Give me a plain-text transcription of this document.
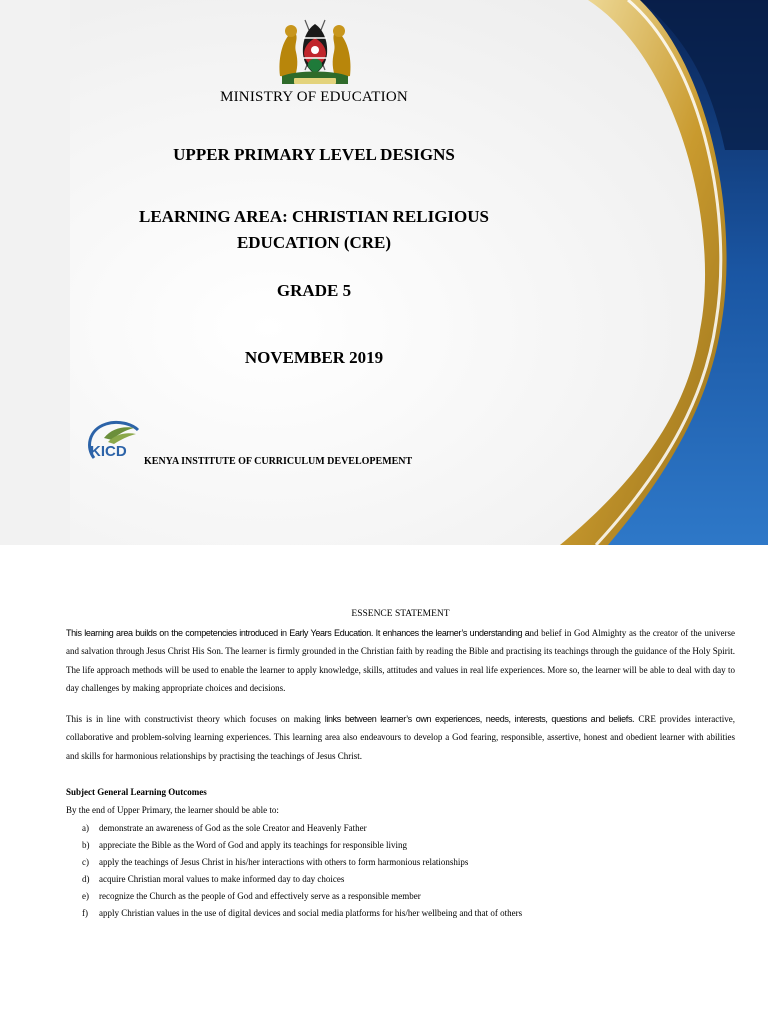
MINISTRY OF EDUCATION

UPPER PRIMARY LEVEL DESIGNS

LEARNING AREA: CHRISTIAN RELIGIOUS

EDUCATION (CRE)

GRADE 5

NOVEMBER 2019

KICD

KENYA INSTITUTE OF CURRICULUM DEVELOPEMENT

ESSENCE STATEMENT

This learning area builds on the competencies introduced in Early Years Education. It enhances the learner’s understanding and belief in God Almighty as the creator of the universe and salvation through Jesus Christ His Son. The learner is firmly grounded in the Christian faith by reading the Bible and practising its teachings through the guidance of the Holy Spirit. The life approach methods will be used to enable the learner to apply knowledge, skills, attitudes and values in real life experiences. More so, the learner will be able to deal with day to day challenges by making appropriate choices and decisions.

This is in line with constructivist theory which focuses on making links between learner’s own experiences, needs, interests, questions and beliefs. CRE provides interactive, collaborative and problem-solving learning experiences. This learning area also endeavours to develop a God fearing, responsible, assertive, honest and obedient learner with abilities and skills for harmonious relationships by practising the teachings of Jesus Christ.

Subject General Learning Outcomes

By the end of Upper Primary, the learner should be able to:

a)	demonstrate an awareness of God as the sole Creator and Heavenly Father
b)	appreciate the Bible as the Word of God and apply its teachings for responsible living
c)	apply the teachings of Jesus Christ in his/her interactions with others to form harmonious relationships
d)	acquire Christian moral values to make informed day to day choices
e)	recognize the Church as the people of God and effectively serve as a responsible member
f)	apply Christian values in the use of digital devices and social media platforms for his/her wellbeing and that of others
